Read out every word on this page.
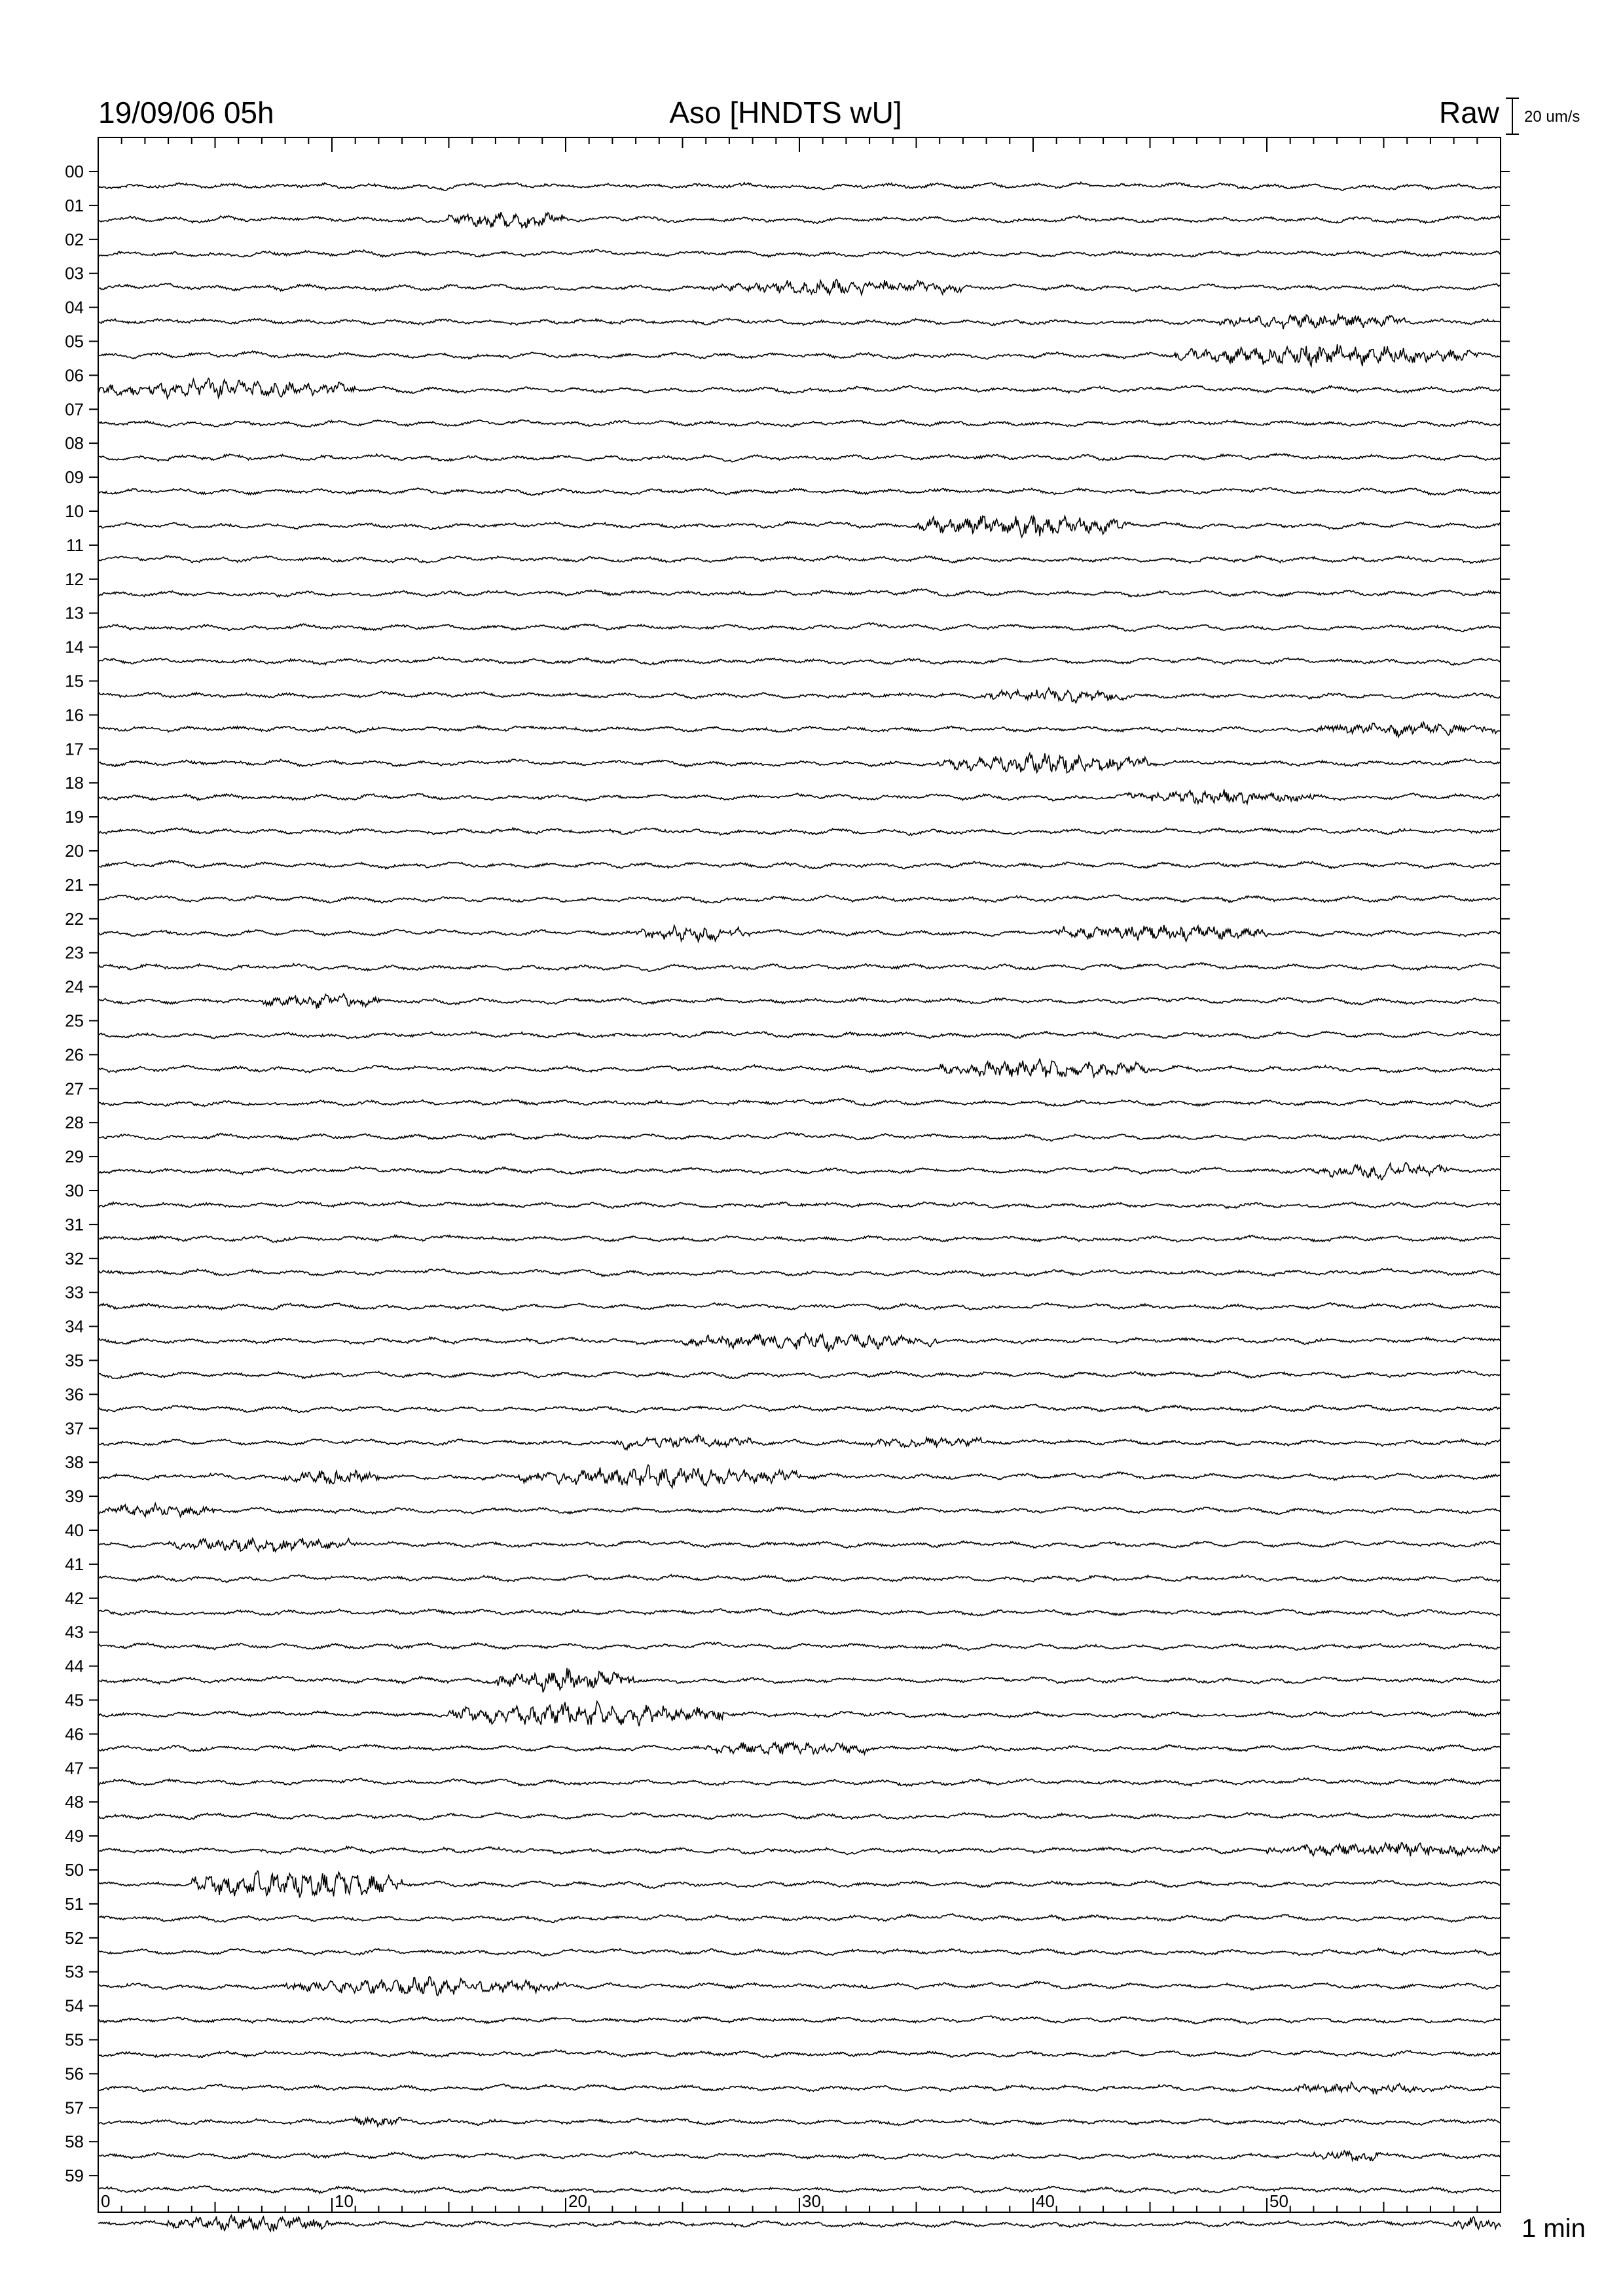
19/09/06 05h	Aso [HNDTS wU]	Raw 20 um/s
00
01
02
03
04
05
06
07
08
09
10
11
12
13
14
15
16
17
18
19
20
21
22
23
24
25
26
27
28
29
30
31
32
33
34
35
36
37
38
39
40
41
42
43
44
45
46
47
48
49
50
51
52
53
54
55
56
57
58
59
0	10	20	30	40	50
1 min
